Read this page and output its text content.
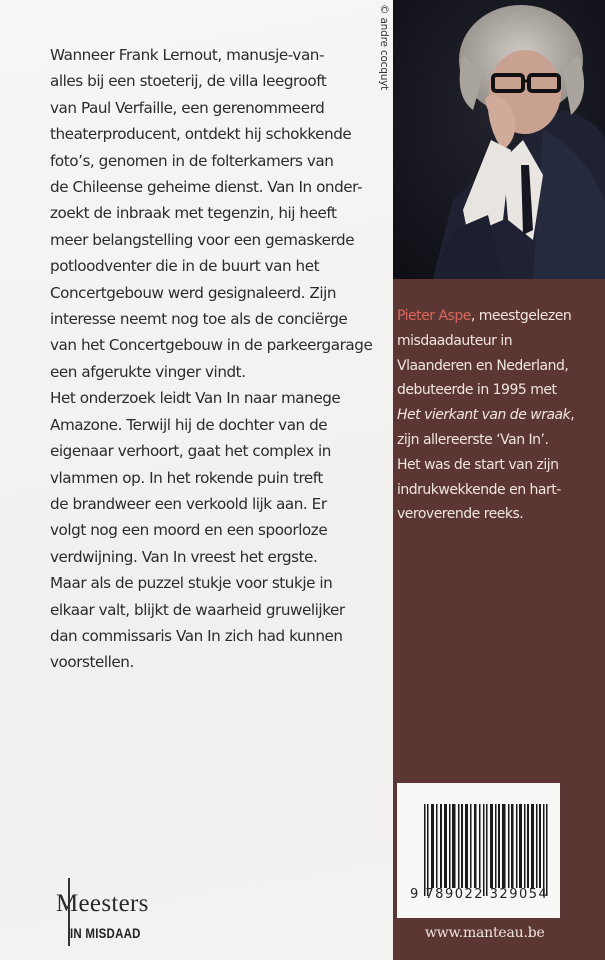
Wanneer Frank Lernout, manusje-van-
alles bij een stoeterij, de villa leegrooft
van Paul Verfaille, een gerenommeerd
theaterproducent, ontdekt hij schokkende
foto’s, genomen in de folterkamers van
de Chileense geheime dienst. Van In onder-
zoekt de inbraak met tegenzin, hij heeft
meer belangstelling voor een gemaskerde
potloodventer die in de buurt van het
Concertgebouw werd gesignaleerd. Zijn
interesse neemt nog toe als de conciërge
van het Concertgebouw in de parkeergarage
een afgerukte vinger vindt.

Het onderzoek leidt Van In naar manege
Amazone. Terwijl hij de dochter van de
eigenaar verhoort, gaat het complex in
vlammen op. In het rokende puin treft
de brandweer een verkoold lijk aan. Er
volgt nog een moord en een spoorloze
verdwijning. Van In vreest het ergste.
Maar als de puzzel stukje voor stukje in
elkaar valt, blijkt de waarheid gruwelijker
dan commissaris Van In zich had kunnen
voorstellen.

© andre cocquyt
Pieter Aspe, meestgelezen
misdaadauteur in
Vlaanderen en Nederland,
debuteerde in 1995 met
Het vierkant van de wraak,
zijn allereerste ‘Van In’.
Het was de start van zijn
indrukwekkende en hart-
veroverende reeks.
9 789022 329054
www.manteau.be
Meesters
IN MISDAAD
